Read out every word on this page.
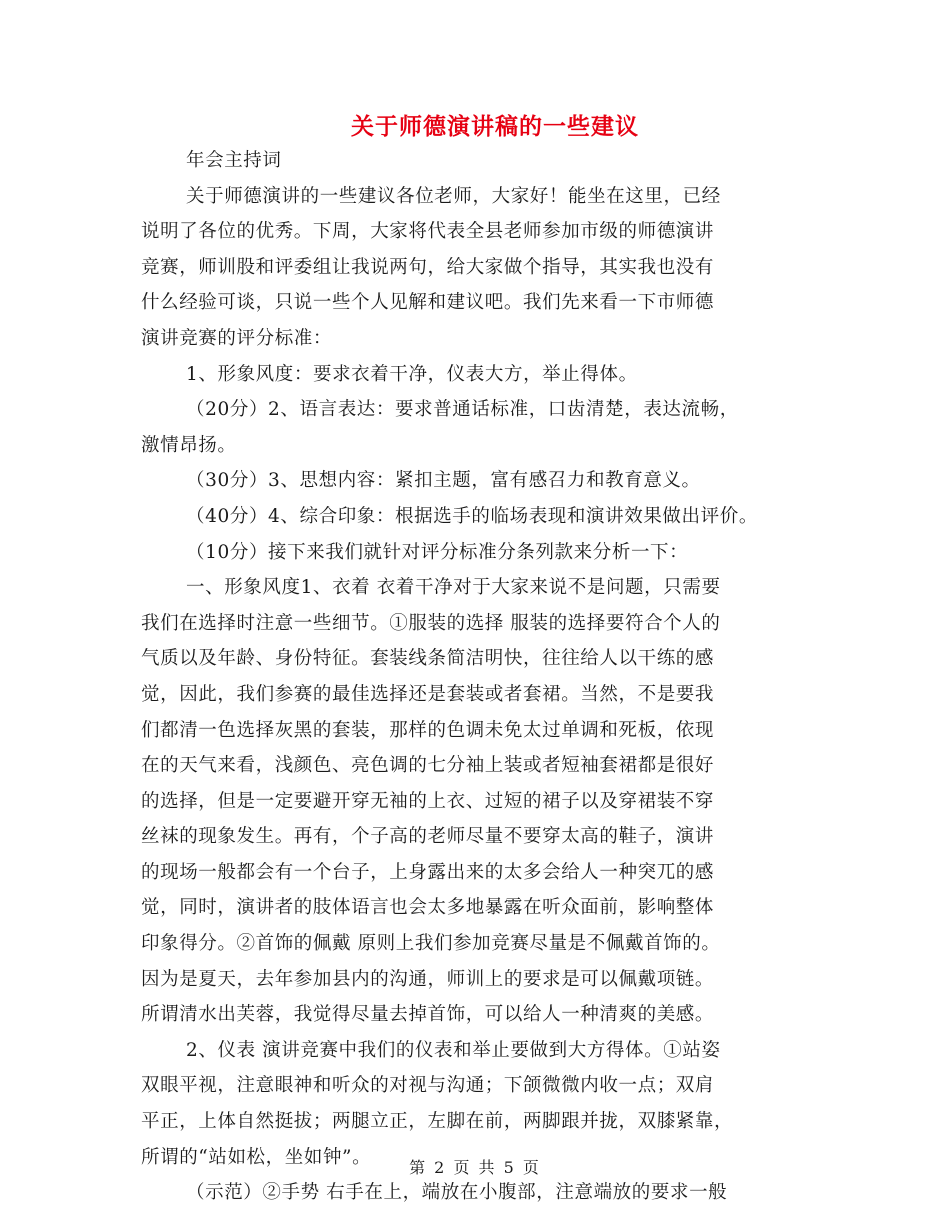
关于师德演讲稿的一些建议
年会主持词
关于师德演讲的一些建议各位老师，大家好！能坐在这里，已经
说明了各位的优秀。下周，大家将代表全县老师参加市级的师德演讲
竞赛，师训股和评委组让我说两句，给大家做个指导，其实我也没有
什么经验可谈，只说一些个人见解和建议吧。我们先来看一下市师德
演讲竞赛的评分标准：
1、形象风度：要求衣着干净，仪表大方，举止得体。
（20分）2、语言表达：要求普通话标准，口齿清楚，表达流畅，
激情昂扬。
（30分）3、思想内容：紧扣主题，富有感召力和教育意义。
（40分）4、综合印象：根据选手的临场表现和演讲效果做出评价。
（10分）接下来我们就针对评分标准分条列款来分析一下：
一、形象风度1、衣着 衣着干净对于大家来说不是问题，只需要
我们在选择时注意一些细节。①服装的选择 服装的选择要符合个人的
气质以及年龄、身份特征。套装线条简洁明快，往往给人以干练的感
觉，因此，我们参赛的最佳选择还是套装或者套裙。当然，不是要我
们都清一色选择灰黑的套装，那样的色调未免太过单调和死板，依现
在的天气来看，浅颜色、亮色调的七分袖上装或者短袖套裙都是很好
的选择，但是一定要避开穿无袖的上衣、过短的裙子以及穿裙装不穿
丝袜的现象发生。再有，个子高的老师尽量不要穿太高的鞋子，演讲
的现场一般都会有一个台子，上身露出来的太多会给人一种突兀的感
觉，同时，演讲者的肢体语言也会太多地暴露在听众面前，影响整体
印象得分。②首饰的佩戴 原则上我们参加竞赛尽量是不佩戴首饰的。
因为是夏天，去年参加县内的沟通，师训上的要求是可以佩戴项链。
所谓清水出芙蓉，我觉得尽量去掉首饰，可以给人一种清爽的美感。
2、仪表 演讲竞赛中我们的仪表和举止要做到大方得体。①站姿
双眼平视，注意眼神和听众的对视与沟通；下颌微微内收一点；双肩
平正，上体自然挺拔；两腿立正，左脚在前，两脚跟并拢，双膝紧靠，
所谓的“站如松，坐如钟”。
（示范）②手势 右手在上，端放在小腹部，注意端放的要求一般
第 2 页 共 5 页
